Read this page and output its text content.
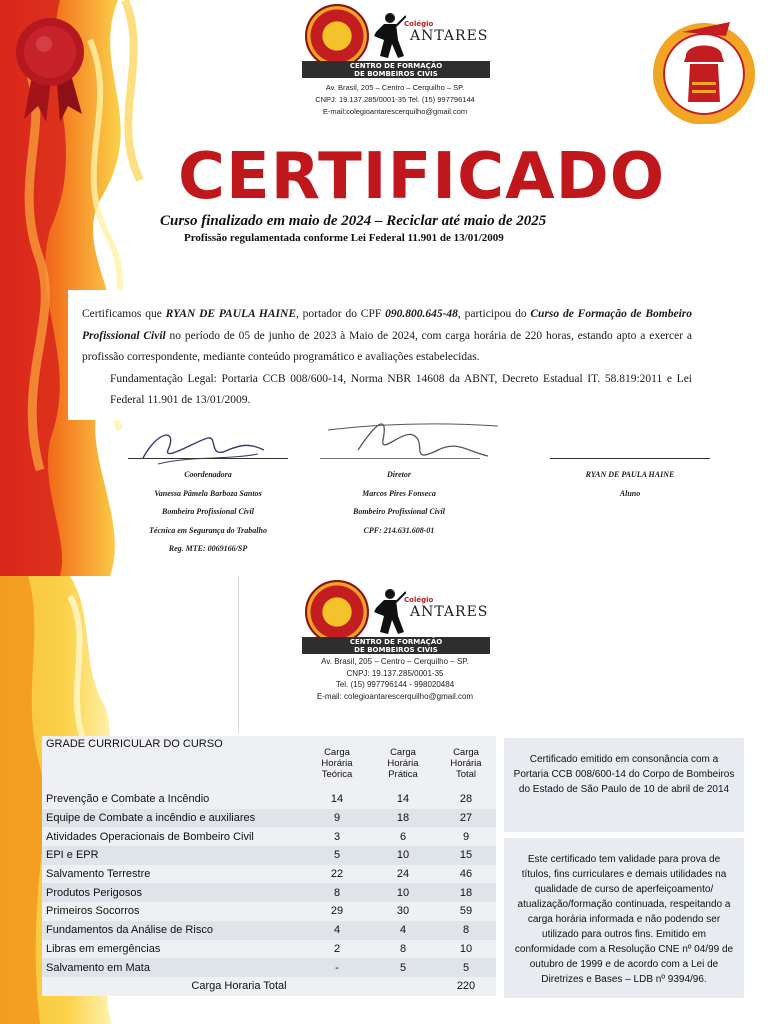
Colégio
ANTARES
CENTRO DE FORMAÇÃO
DE BOMBEIROS CIVIS
Av. Brasil, 205 – Centro – Cerquilho – SP.
CNPJ: 19.137.285/0001-35 Tel. (15) 997796144
E-mail:colegioantarescerquilho@gmail.com
CERTIFICADO
Curso finalizado em maio de 2024 – Reciclar até maio de 2025
Profissão regulamentada conforme Lei Federal 11.901 de 13/01/2009

Certificamos que RYAN DE PAULA HAINE, portador do CPF 090.800.645-48, participou do Curso de Formação de Bombeiro Profissional Civil no período de 05 de junho de 2023 à Maio de 2024, com carga horária de 220 horas, estando apto a exercer a profissão correspondente, mediante conteúdo programático e avaliações estabelecidas.

Fundamentação Legal: Portaria CCB 008/600-14, Norma NBR 14608 da ABNT, Decreto Estadual IT. 58.819:2011 e Lei Federal 11.901 de 13/01/2009.

Coordenadora
Vanessa Pâmela Barboza Santos
Bombeira Profissional Civil
Técnica em Segurança do Trabalho
Reg. MTE: 0069166/SP
Diretor
Marcos Pires Fonseca
Bombeiro Profissional Civil
CPF: 214.631.608-01
RYAN DE PAULA HAINE
Aluno
Colégio
ANTARES
CENTRO DE FORMAÇÃO
DE BOMBEIROS CIVIS
Av. Brasil, 205 – Centro – Cerquilho – SP.
CNPJ: 19.137.285/0001-35
Tel. (15) 997796144 - 998020484
E-mail: colegioantarescerquilho@gmail.com
GRADE CURRICULAR DO CURSO	Carga Horária Teórica	Carga Horária Prática	Carga Horária Total
Prevenção e Combate a Incêndio	14	14	28
Equipe de Combate a incêndio e auxiliares	9	18	27
Atividades Operacionais de Bombeiro Civil	3	6	9
EPI e EPR	5	10	15
Salvamento Terrestre	22	24	46
Produtos Perigosos	8	10	18
Primeiros Socorros	29	30	59
Fundamentos da Análise de Risco	4	4	8
Libras em emergências	2	8	10
Salvamento em Mata	-	5	5
Carga Horaria Total			220
Certificado emitido em consonância com a Portaria CCB 008/600-14 do Corpo de Bombeiros do Estado de São Paulo de 10 de abril de 2014
Este certificado tem validade para prova de títulos, fins curriculares e demais utilidades na qualidade de curso de aperfeiçoamento/ atualização/formação continuada, respeitando a carga horária informada e não podendo ser utilizado para outros fins. Emitido em conformidade com a Resolução CNE nº 04/99 de outubro de 1999 e de acordo com a Lei de Diretrizes e Bases – LDB nº 9394/96.
